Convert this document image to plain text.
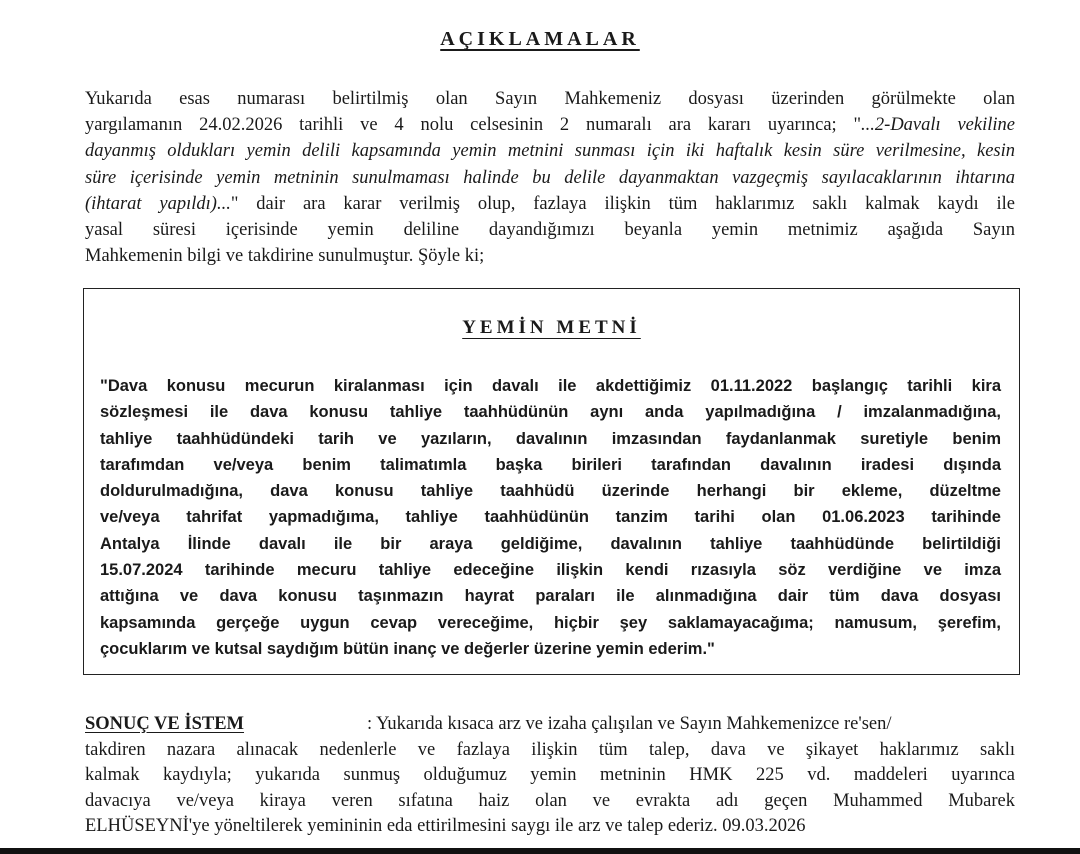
AÇIKLAMALAR
Yukarıda esas numarası belirtilmiş olan Sayın Mahkemeniz dosyası üzerinden görülmekte olan
yargılamanın 24.02.2026 tarihli ve 4 nolu celsesinin 2 numaralı ara kararı uyarınca; "...2-Davalı vekiline
dayanmış oldukları yemin delili kapsamında yemin metnini sunması için iki haftalık kesin süre verilmesine, kesin
süre içerisinde yemin metninin sunulmaması halinde bu delile dayanmaktan vazgeçmiş sayılacaklarının ihtarına
(ihtarat yapıldı)..." dair ara karar verilmiş olup, fazlaya ilişkin tüm haklarımız saklı kalmak kaydı ile
yasal süresi içerisinde yemin deliline dayandığımızı beyanla yemin metnimiz aşağıda Sayın
Mahkemenin bilgi ve takdirine sunulmuştur. Şöyle ki;
YEMİN METNİ
"Dava konusu mecurun kiralanması için davalı ile akdettiğimiz 01.11.2022 başlangıç tarihli kira
sözleşmesi ile dava konusu tahliye taahhüdünün aynı anda yapılmadığına / imzalanmadığına,
tahliye taahhüdündeki tarih ve yazıların, davalının imzasından faydanlanmak suretiyle benim
tarafımdan ve/veya benim talimatımla başka birileri tarafından davalının iradesi dışında
doldurulmadığına, dava konusu tahliye taahhüdü üzerinde herhangi bir ekleme, düzeltme
ve/veya tahrifat yapmadığıma, tahliye taahhüdünün tanzim tarihi olan 01.06.2023 tarihinde
Antalya İlinde davalı ile bir araya geldiğime, davalının tahliye taahhüdünde belirtildiği
15.07.2024 tarihinde mecuru tahliye edeceğine ilişkin kendi rızasıyla söz verdiğine ve imza
attığına ve dava konusu taşınmazın hayrat paraları ile alınmadığına dair tüm dava dosyası
kapsamında gerçeğe uygun cevap vereceğime, hiçbir şey saklamayacağıma; namusum, şerefim,
çocuklarım ve kutsal saydığım bütün inanç ve değerler üzerine yemin ederim."
SONUÇ VE İSTEM	: Yukarıda kısaca arz ve izaha çalışılan ve Sayın Mahkemenizce re'sen/
takdiren nazara alınacak nedenlerle ve fazlaya ilişkin tüm talep, dava ve şikayet haklarımız saklı
kalmak kaydıyla; yukarıda sunmuş olduğumuz yemin metninin HMK 225 vd. maddeleri uyarınca
davacıya ve/veya kiraya veren sıfatına haiz olan ve evrakta adı geçen Muhammed Mubarek
ELHÜSEYNİ'ye yöneltilerek yemininin eda ettirilmesini saygı ile arz ve talep ederiz. 09.03.2026
